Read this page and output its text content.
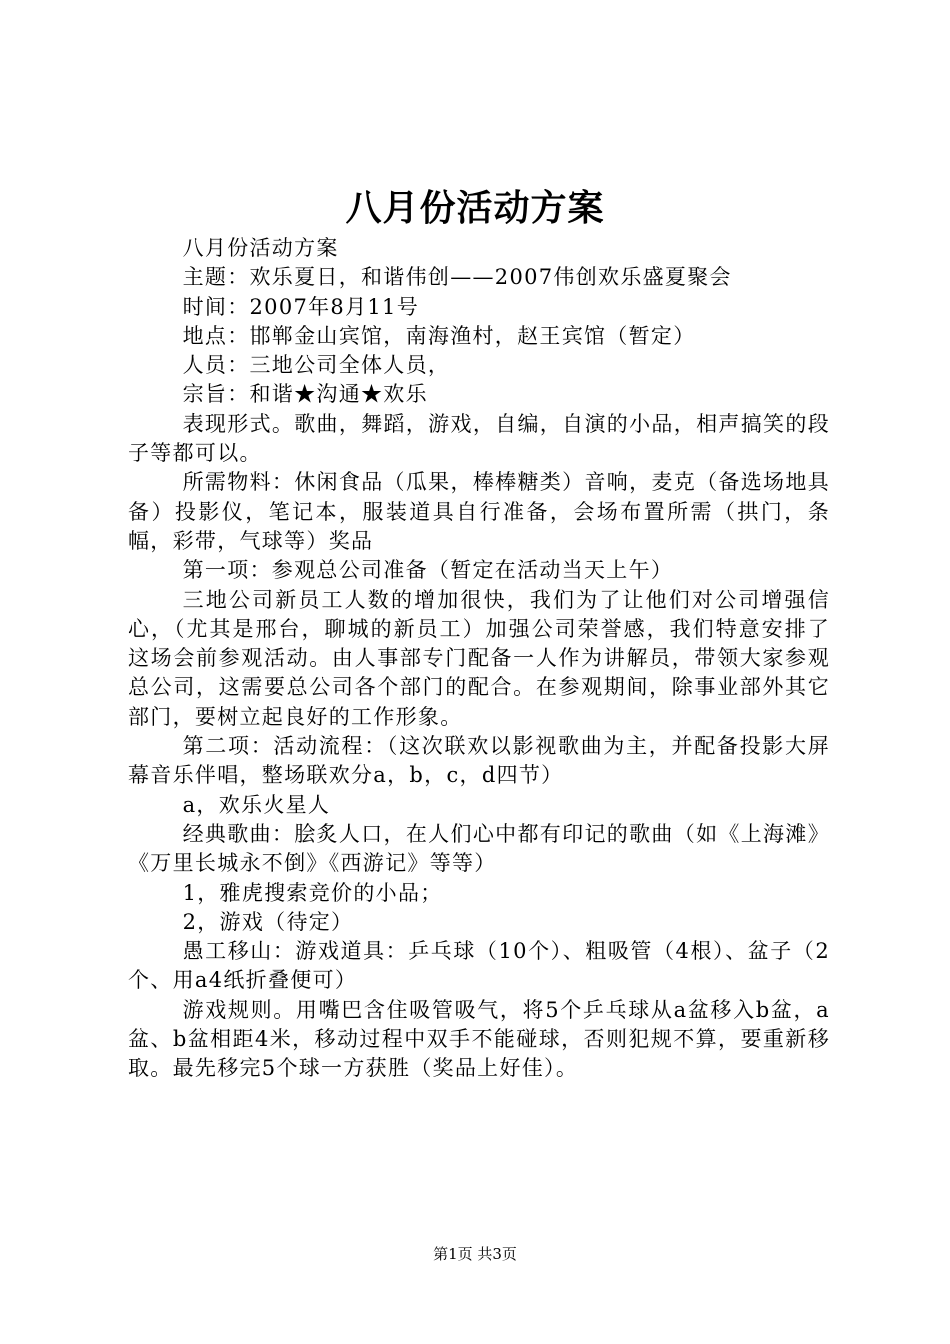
八月份活动方案

八月份活动方案

主题：欢乐夏日，和谐伟创——2007伟创欢乐盛夏聚会

时间：2007年8月11号

地点：邯郸金山宾馆，南海渔村，赵王宾馆（暂定）

人员：三地公司全体人员，

宗旨：和谐★沟通★欢乐

表现形式。歌曲，舞蹈，游戏，自编，自演的小品，相声搞笑的段子等都可以。

所需物料：休闲食品（瓜果，棒棒糖类）音响，麦克（备选场地具备）投影仪，笔记本，服装道具自行准备，会场布置所需（拱门，条幅，彩带，气球等）奖品

第一项：参观总公司准备（暂定在活动当天上午）

三地公司新员工人数的增加很快，我们为了让他们对公司增强信心，（尤其是邢台，聊城的新员工）加强公司荣誉感，我们特意安排了这场会前参观活动。由人事部专门配备一人作为讲解员，带领大家参观总公司，这需要总公司各个部门的配合。在参观期间，除事业部外其它部门，要树立起良好的工作形象。

第二项：活动流程：（这次联欢以影视歌曲为主，并配备投影大屏幕音乐伴唱，整场联欢分a，b，c，d四节）

a，欢乐火星人

经典歌曲：脍炙人口，在人们心中都有印记的歌曲（如《上海滩》《万里长城永不倒》《西游记》等等）

1，雅虎搜索竞价的小品；

2，游戏（待定）

愚工移山：游戏道具：乒乓球（10个）、粗吸管（4根）、盆子（2个、用a4纸折叠便可）

游戏规则。用嘴巴含住吸管吸气，将5个乒乓球从a盆移入b盆，a盆、b盆相距4米，移动过程中双手不能碰球，否则犯规不算，要重新移取。最先移完5个球一方获胜（奖品上好佳）。

第1页 共3页
